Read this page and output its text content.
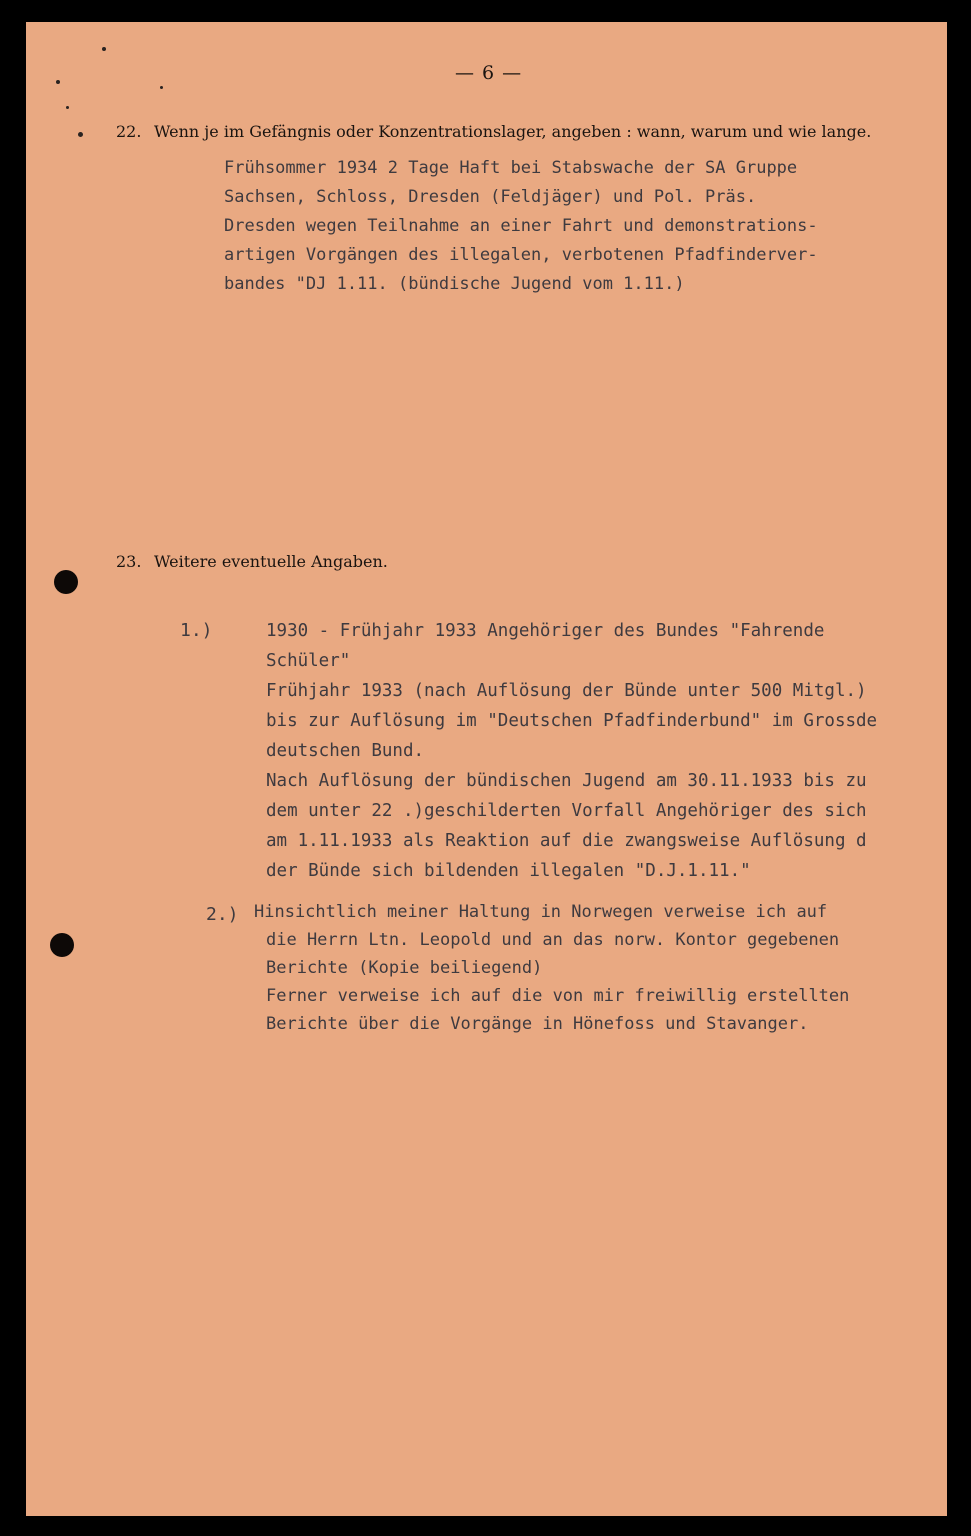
— 6 —
22. Wenn je im Gefängnis oder Konzentrationslager, angeben : wann, warum und wie lange.
Frühsommer 1934 2 Tage Haft bei Stabswache der SA Gruppe
Sachsen, Schloss, Dresden (Feldjäger) und Pol. Präs.
Dresden wegen Teilnahme an einer Fahrt und demonstrations-
artigen Vorgängen des illegalen, verbotenen Pfadfinderver-
bandes "DJ 1.11. (bündische Jugend vom 1.11.)
23. Weitere eventuelle Angaben.
1.)	1930 - Frühjahr 1933 Angehöriger des Bundes "Fahrende
Schüler"
Frühjahr 1933 (nach Auflösung der Bünde unter 500 Mitgl.)
bis zur Auflösung im "Deutschen Pfadfinderbund" im Grossde
deutschen Bund.
Nach Auflösung der bündischen Jugend am 30.11.1933 bis zu
dem unter 22 .)geschilderten Vorfall Angehöriger des sich
am 1.11.1933 als Reaktion auf die zwangsweise Auflösung d
der Bünde sich bildenden illegalen "D.J.1.11."
2.) Hinsichtlich meiner Haltung in Norwegen verweise ich auf
die Herrn Ltn. Leopold und an das norw. Kontor gegebenen
Berichte (Kopie beiliegend)
Ferner verweise ich auf die von mir freiwillig erstellten
Berichte über die Vorgänge in Hönefoss und Stavanger.
